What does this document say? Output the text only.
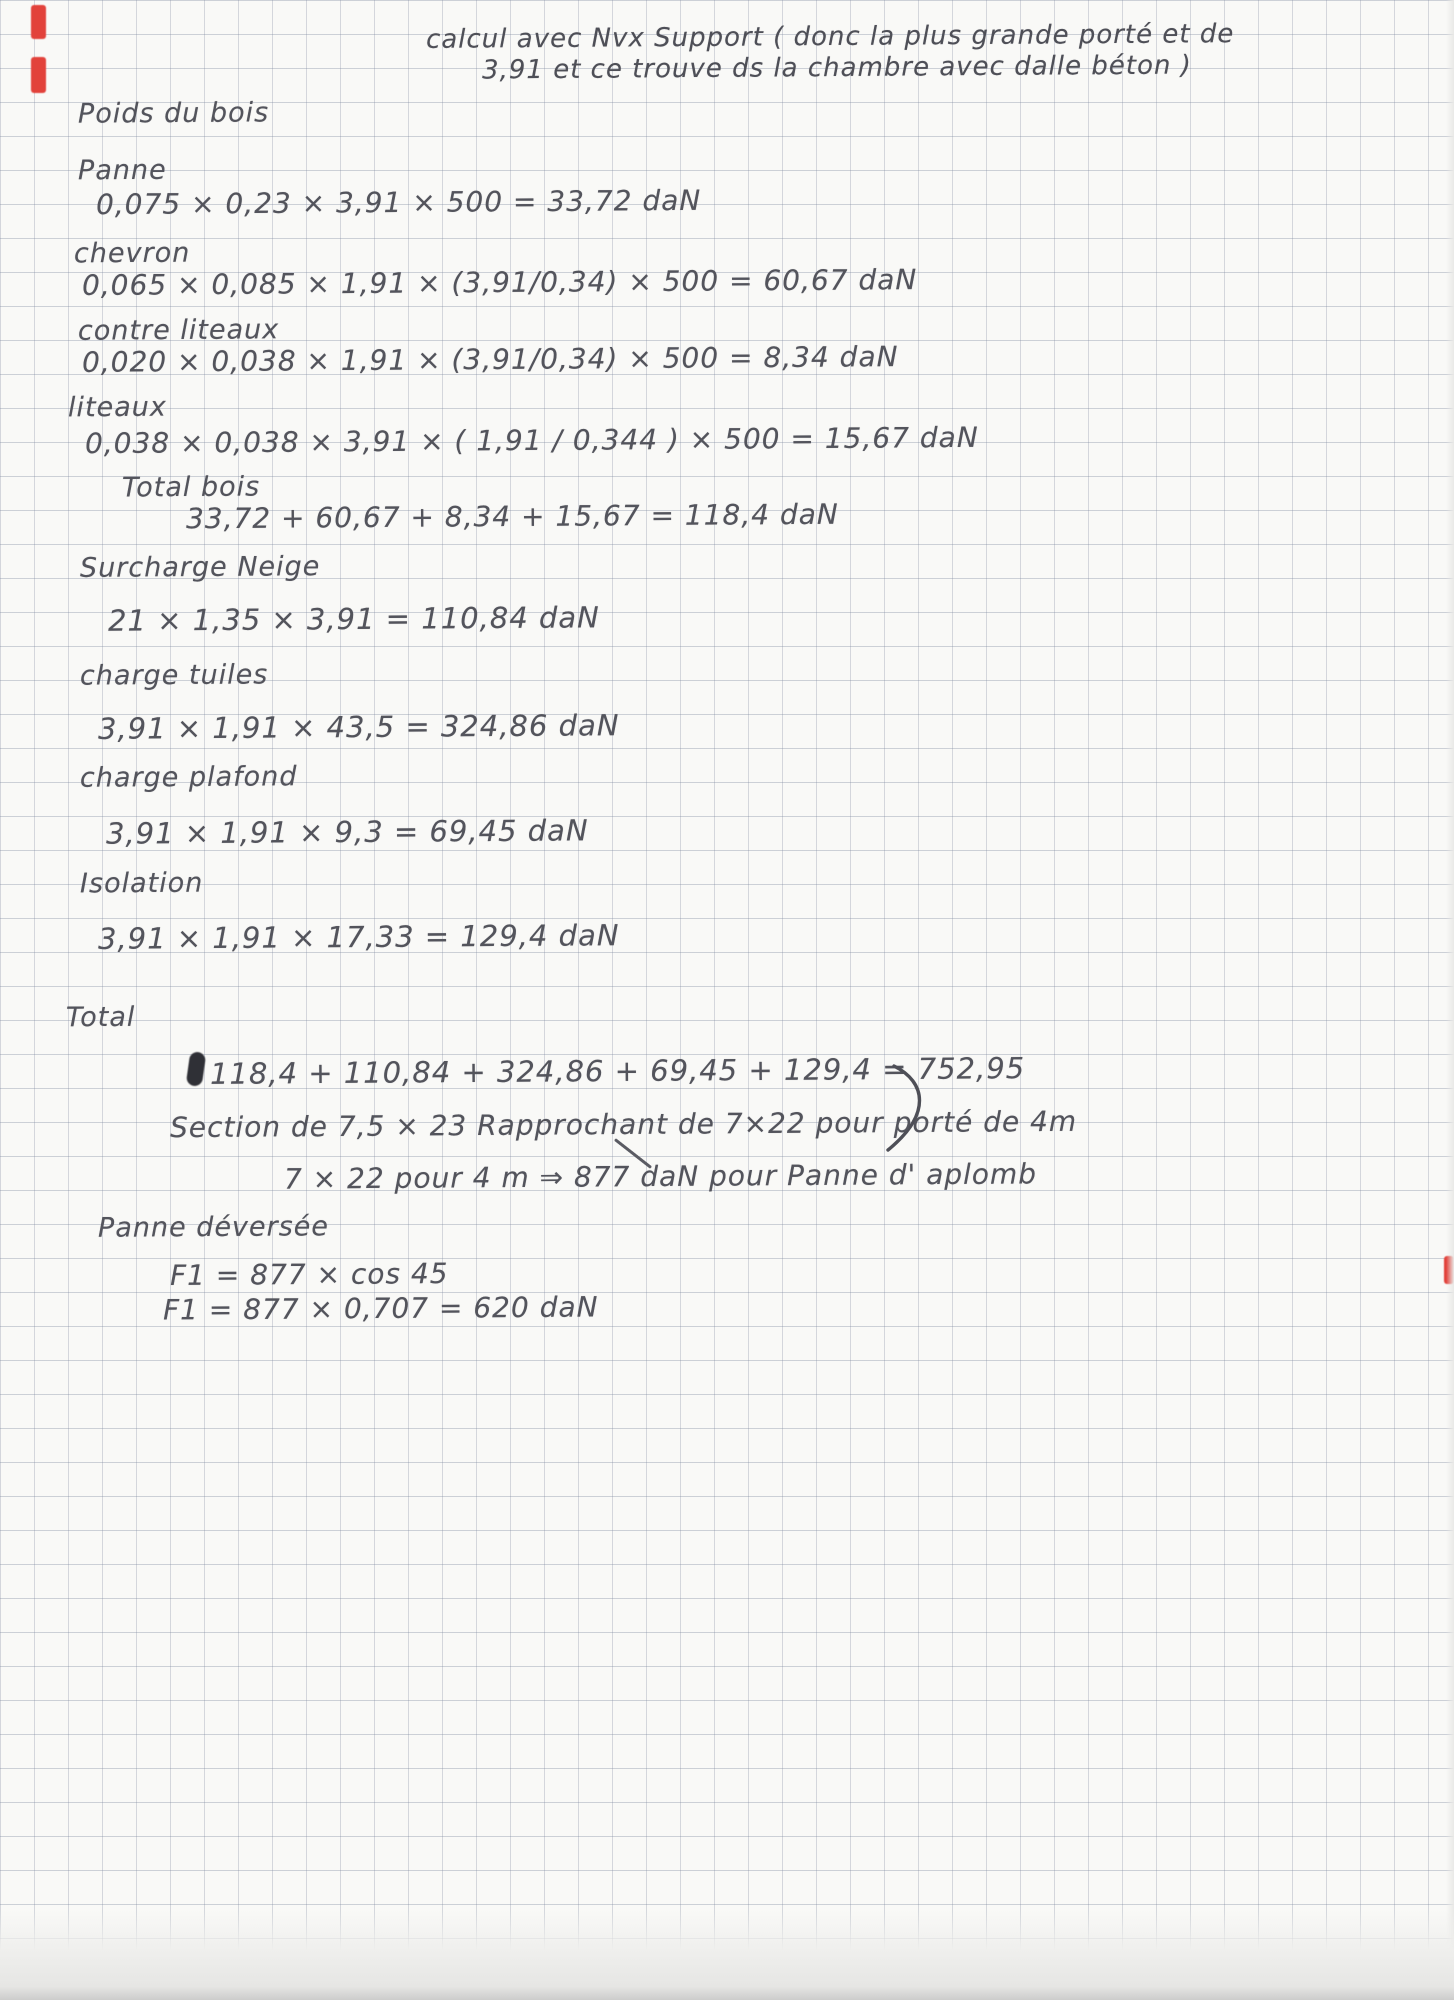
calcul avec Nvx Support ( donc la plus grande porté et de
3,91 et ce trouve ds la chambre avec dalle béton )
Poids du bois
Panne
0,075 × 0,23 × 3,91 × 500 = 33,72 daN
chevron
0,065 × 0,085 × 1,91 × (3,91/0,34) × 500 = 60,67 daN
contre liteaux
0,020 × 0,038 × 1,91 × (3,91/0,34) × 500 = 8,34 daN
liteaux
0,038 × 0,038 × 3,91 × ( 1,91 / 0,344 ) × 500 = 15,67 daN
Total bois
33,72 + 60,67 + 8,34 + 15,67 = 118,4 daN
Surcharge Neige
21 × 1,35 × 3,91 = 110,84 daN
charge tuiles
3,91 × 1,91 × 43,5 = 324,86 daN
charge plafond
3,91 × 1,91 × 9,3 = 69,45 daN
Isolation
3,91 × 1,91 × 17,33 = 129,4 daN
Total
118,4 + 110,84 + 324,86 + 69,45 + 129,4 = 752,95
Section de 7,5 × 23 Rapprochant de 7×22 pour porté de 4m
7 × 22 pour 4 m ⇒ 877 daN pour Panne d' aplomb
Panne déversée
F1 = 877 × cos 45
F1 = 877 × 0,707 = 620 daN
